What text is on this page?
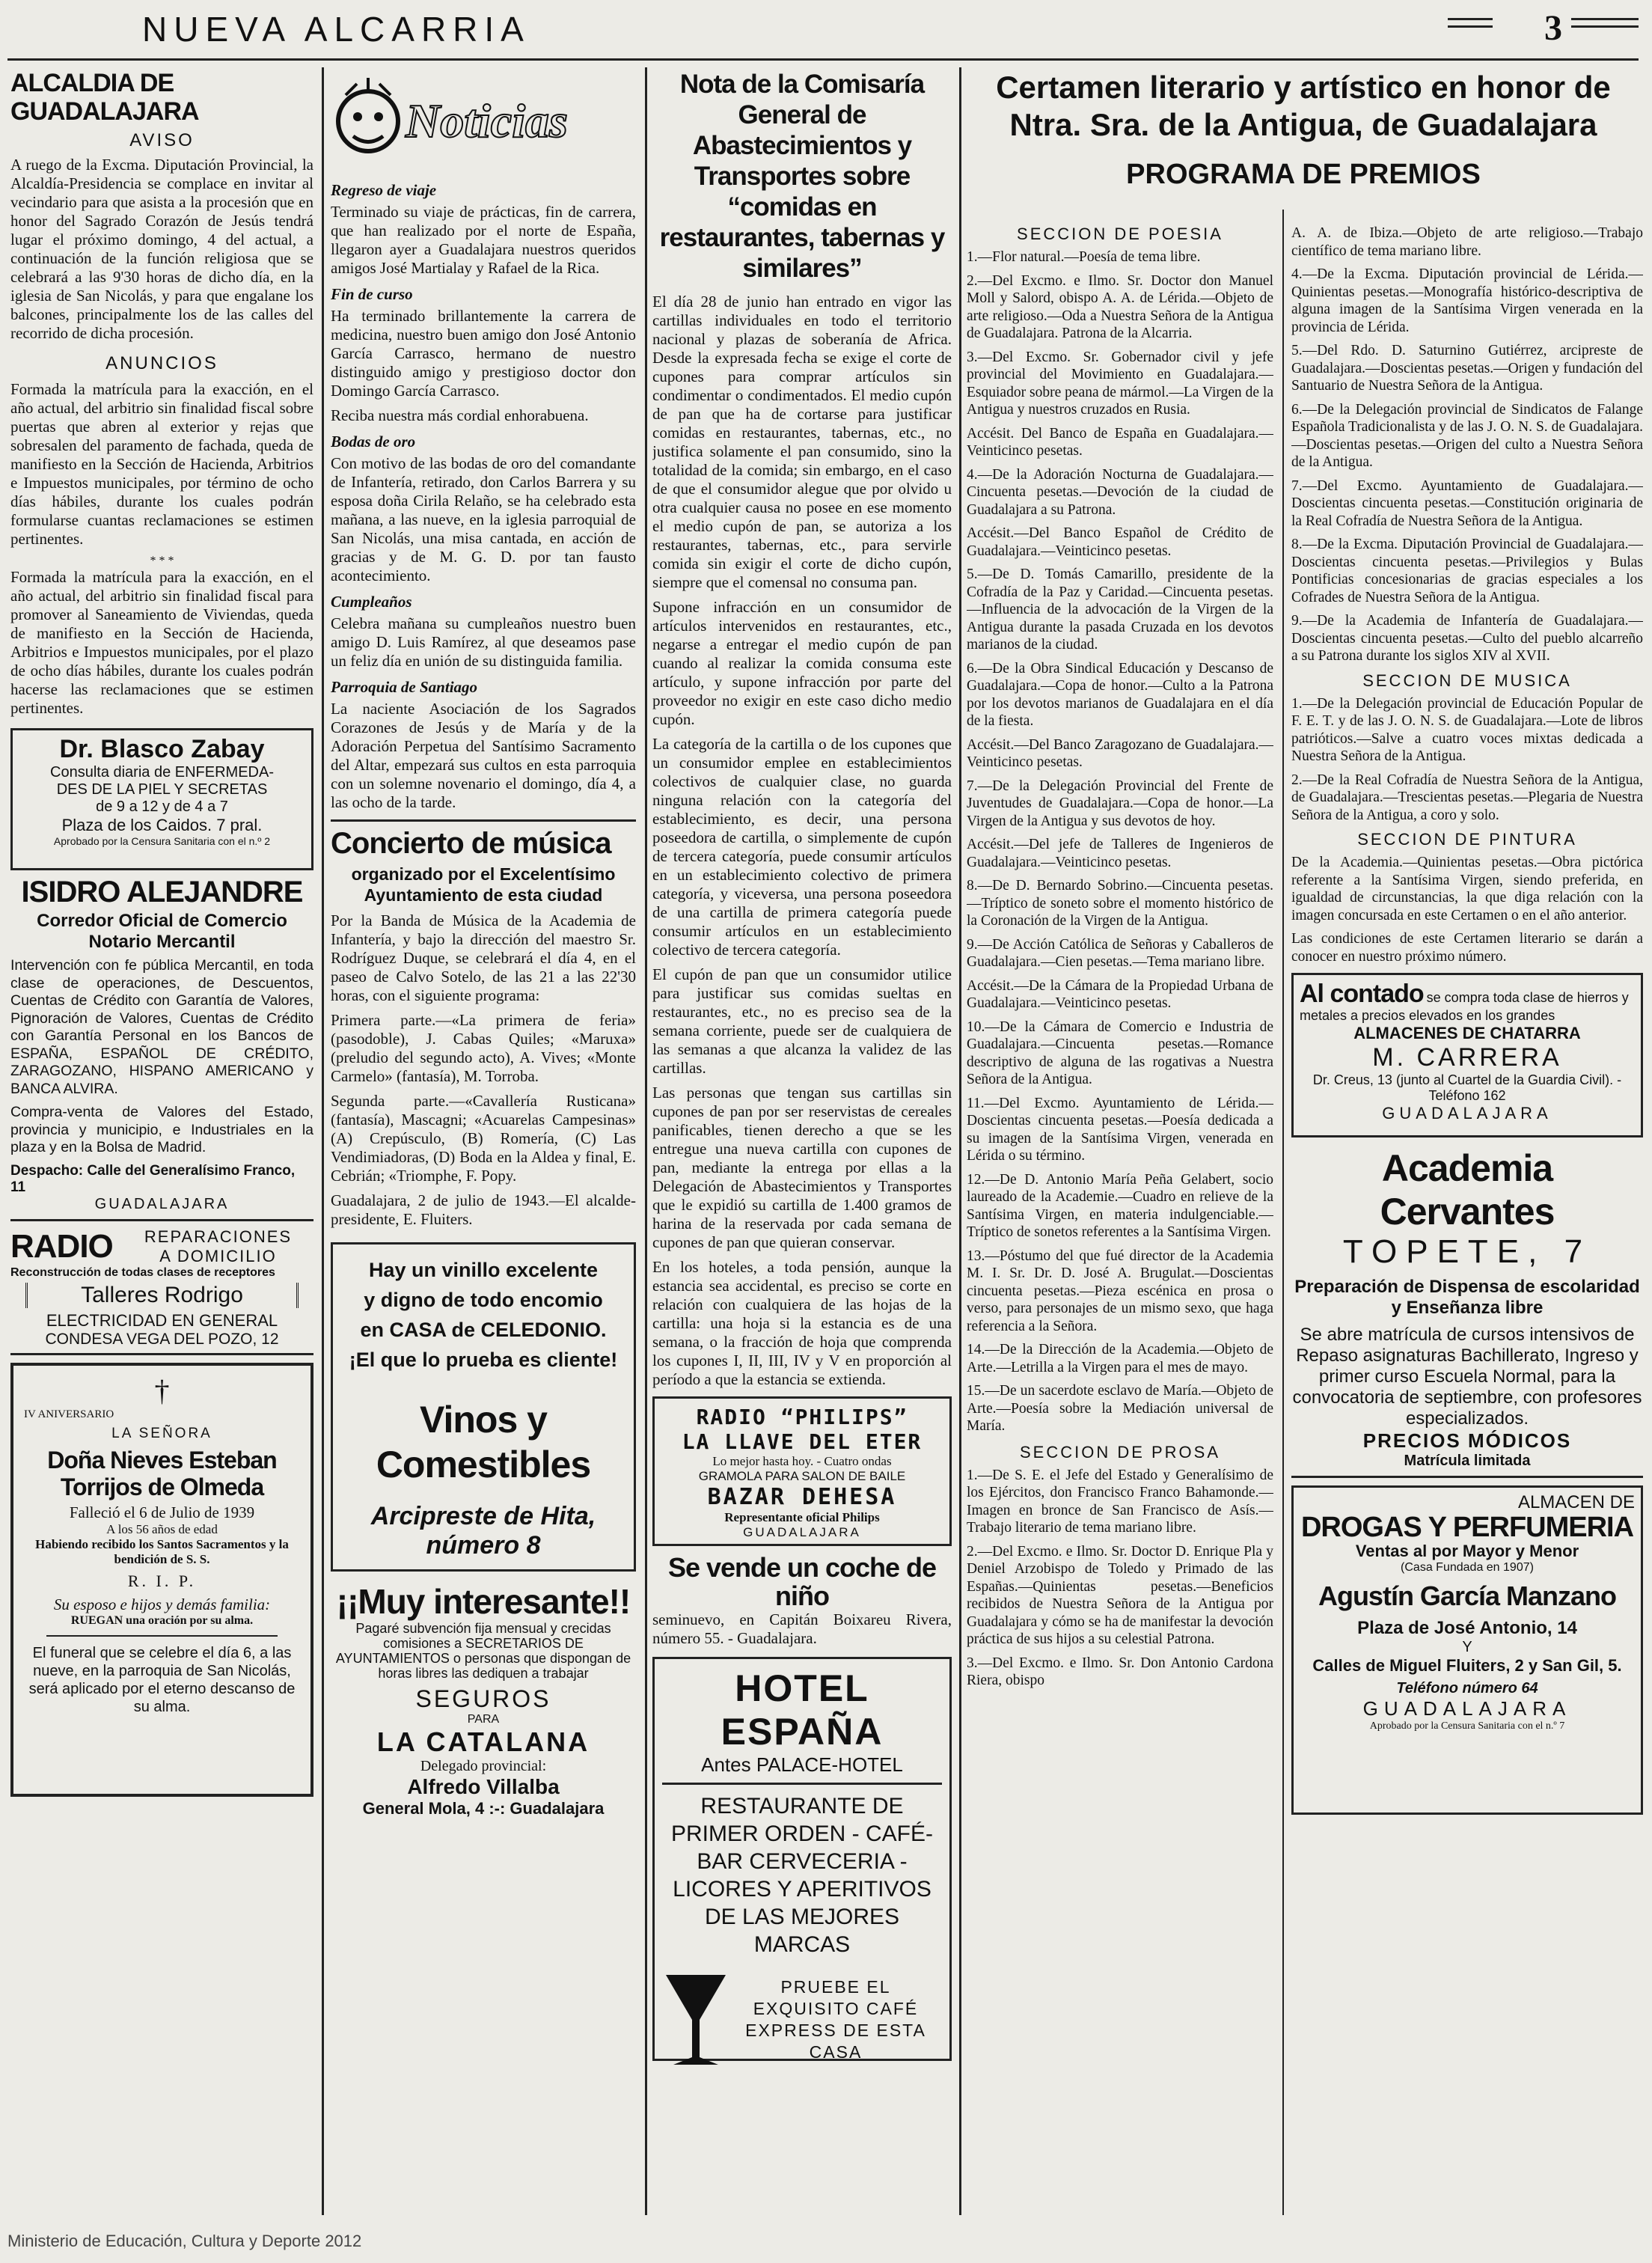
NUEVA ALCARRIA	3
ALCALDIA DE GUADALAJARA
AVISO

A ruego de la Excma. Diputación Provincial, la Alcaldía-Presidencia se complace en invitar al vecindario para que asista a la procesión que en honor del Sagrado Corazón de Jesús tendrá lugar el próximo domingo, 4 del actual, a continuación de la función religiosa que se celebrará a las 9'30 horas de dicho día, en la iglesia de San Nicolás, y para que engalane los balcones, principalmente los de las calles del recorrido de dicha procesión.

ANUNCIOS

Formada la matrícula para la exacción, en el año actual, del arbitrio sin finalidad fiscal sobre puertas que abren al exterior y rejas que sobresalen del paramento de fachada, queda de manifiesto en la Sección de Hacienda, Arbitrios e Impuestos municipales, por término de ocho días hábiles, durante los cuales podrán formularse cuantas reclamaciones se estimen pertinentes.

* * *

Formada la matrícula para la exacción, en el año actual, del arbitrio sin finalidad fiscal para promover al Saneamiento de Viviendas, queda de manifiesto en la Sección de Hacienda, Arbitrios e Impuestos municipales, por el plazo de ocho días hábiles, durante los cuales podrán hacerse las reclamaciones que se estimen pertinentes.

Dr. Blasco Zabay
Consulta diaria de ENFERMEDA-
DES DE LA PIEL Y SECRETAS
de 9 a 12 y de 4 a 7
Plaza de los Caidos. 7 pral.
Aprobado por la Censura Sanitaria con el n.º 2
ISIDRO ALEJANDRE
Corredor Oficial de Comercio
Notario Mercantil

Intervención con fe pública Mercantil, en toda clase de operaciones, de Descuentos, Cuentas de Crédito con Garantía de Valores, Pignoración de Valores, Cuentas de Crédito con Garantía Personal en los Bancos de ESPAÑA, ESPAÑOL DE CRÉDITO, ZARAGOZANO, HISPANO AMERICANO y BANCA ALVIRA.

Compra-venta de Valores del Estado, provincia y municipio, e Industriales en la plaza y en la Bolsa de Madrid.

Despacho: Calle del Generalísimo Franco, 11
GUADALAJARA
RADIO	REPARACIONES
A DOMICILIO
Reconstrucción de todas clases de receptores
Talleres Rodrigo
ELECTRICIDAD EN GENERAL
CONDESA VEGA DEL POZO, 12
†
IV ANIVERSARIO
LA SEÑORA
Doña Nieves Esteban
Torrijos de Olmeda
Falleció el 6 de Julio de 1939
A los 56 años de edad
Habiendo recibido los Santos Sacramentos y la bendición de S. S.
R. I. P.
Su esposo e hijos y demás familia:
RUEGAN una oración por su alma.
El funeral que se celebre el día 6, a las nueve, en la parroquia de San Nicolás, será aplicado por el eterno descanso de su alma.
Noticias
Regreso de viaje

Terminado su viaje de prácticas, fin de carrera, que han realizado por el norte de España, llegaron ayer a Guadalajara nuestros queridos amigos José Martialay y Rafael de la Rica.

Fin de curso

Ha terminado brillantemente la carrera de medicina, nuestro buen amigo don José Antonio García Carrasco, hermano de nuestro distinguido amigo y prestigioso doctor don Domingo García Carrasco.

Reciba nuestra más cordial enhorabuena.

Bodas de oro

Con motivo de las bodas de oro del comandante de Infantería, retirado, don Carlos Barrera y su esposa doña Cirila Relaño, se ha celebrado esta mañana, a las nueve, en la iglesia parroquial de San Nicolás, una misa cantada, en acción de gracias y de M. G. D. por tan fausto acontecimiento.

Cumpleaños

Celebra mañana su cumpleaños nuestro buen amigo D. Luis Ramírez, al que deseamos pase un feliz día en unión de su distinguida familia.

Parroquia de Santiago

La naciente Asociación de los Sagrados Corazones de Jesús y de María y de la Adoración Perpetua del Santísimo Sacramento del Altar, empezará sus cultos en esta parroquia con un solemne novenario el domingo, día 4, a las ocho de la tarde.

Concierto de música
organizado por el Excelentísimo Ayuntamiento de esta ciudad

Por la Banda de Música de la Academia de Infantería, y bajo la dirección del maestro Sr. Rodríguez Duque, se celebrará el día 4, en el paseo de Calvo Sotelo, de las 21 a las 22'30 horas, con el siguiente programa:

Primera parte.—«La primera de feria» (pasodoble), J. Cabas Quiles; «Maruxa» (preludio del segundo acto), A. Vives; «Monte Carmelo» (fantasía), M. Torroba.

Segunda parte.—«Cavallería Rusticana» (fantasía), Mascagni; «Acuarelas Campesinas» (A) Crepúsculo, (B) Romería, (C) Las Vendimiadoras, (D) Boda en la Aldea y final, E. Cebrián; «Triomphe, F. Popy.

Guadalajara, 2 de julio de 1943.—El alcalde-presidente, E. Fluiters.

Hay un vinillo excelente
y digno de todo encomio
en CASA de CELEDONIO.
¡El que lo prueba es cliente!
Vinos y Comestibles
Arcipreste de Hita, número 8
¡¡Muy interesante!!
Pagaré subvención fija mensual y crecidas comisiones a SECRETARIOS DE AYUNTAMIENTOS o personas que dispongan de horas libres las dediquen a trabajar
SEGUROS
PARA
LA CATALANA
Delegado provincial:
Alfredo Villalba
General Mola, 4 :-: Guadalajara
Nota de la Comisaría General de Abastecimientos y Transportes sobre “comidas en restaurantes, tabernas y similares”

El día 28 de junio han entrado en vigor las cartillas individuales en todo el territorio nacional y plazas de soberanía de Africa. Desde la expresada fecha se exige el corte de cupones para comprar artículos sin condimentar o condimentados. El medio cupón de pan que ha de cortarse para justificar comidas en restaurantes, tabernas, etc., no justifica solamente el pan consumido, sino la totalidad de la comida; sin embargo, en el caso de que el consumidor alegue que por olvido u otra cualquier causa no posee en ese momento el medio cupón de pan, se autoriza a los restaurantes, tabernas, etc., para servirle comida sin exigir el corte de dicho cupón, siempre que el comensal no consuma pan.

Supone infracción en un consumidor de artículos intervenidos en restaurantes, etc., negarse a entregar el medio cupón de pan cuando al realizar la comida consuma este artículo, y supone infracción por parte del proveedor no exigir en este caso dicho medio cupón.

La categoría de la cartilla o de los cupones que un consumidor emplee en establecimientos colectivos de cualquier clase, no guarda ninguna relación con la categoría del establecimiento, es decir, una persona poseedora de cartilla, o simplemente de cupón de tercera categoría, puede consumir artículos en un establecimiento colectivo de primera categoría, y viceversa, una persona poseedora de una cartilla de primera categoría puede consumir artículos en un establecimiento colectivo de tercera categoría.

El cupón de pan que un consumidor utilice para justificar sus comidas sueltas en restaurantes, etc., no es preciso sea de la semana corriente, puede ser de cualquiera de las semanas a que alcanza la validez de las cartillas.

Las personas que tengan sus cartillas sin cupones de pan por ser reservistas de cereales panificables, tienen derecho a que se les entregue una nueva cartilla con cupones de pan, mediante la entrega por ellas a la Delegación de Abastecimientos y Transportes que le expidió su cartilla de 1.400 gramos de harina de la reservada por cada semana de cupones de pan que quieran conservar.

En los hoteles, a toda pensión, aunque la estancia sea accidental, es preciso se corte en relación con cualquiera de las hojas de la cartilla: una hoja si la estancia es de una semana, o la fracción de hoja que comprenda los cupones I, II, III, IV y V en proporción al período a que la estancia se extienda.

RADIO “PHILIPS”
LA LLAVE DEL ETER
Lo mejor hasta hoy. - Cuatro ondas
GRAMOLA PARA SALON DE BAILE
BAZAR DEHESA
Representante oficial Philips
GUADALAJARA
Se vende un coche de niño

seminuevo, en Capitán Boixareu Rivera, número 55. - Guadalajara.

HOTEL ESPAÑA
Antes PALACE-HOTEL
RESTAURANTE DE PRIMER ORDEN - CAFÉ-BAR CERVECERIA - LICORES Y APERITIVOS DE LAS MEJORES MARCAS
PRUEBE EL EXQUISITO CAFÉ EXPRESS DE ESTA CASA
Certamen literario y artístico en honor de Ntra. Sra. de la Antigua, de Guadalajara
PROGRAMA DE PREMIOS
SECCION DE POESIA

1.—Flor natural.—Poesía de tema libre.

2.—Del Excmo. e Ilmo. Sr. Doctor don Manuel Moll y Salord, obispo A. A. de Lérida.—Objeto de arte religioso.—Oda a Nuestra Señora de la Antigua de Guadalajara. Patrona de la Alcarria.

3.—Del Excmo. Sr. Gobernador civil y jefe provincial del Movimiento en Guadalajara.—Esquiador sobre peana de mármol.—La Virgen de la Antigua y nuestros cruzados en Rusia.

Accésit. Del Banco de España en Guadalajara.—Veinticinco pesetas.

4.—De la Adoración Nocturna de Guadalajara.—Cincuenta pesetas.—Devoción de la ciudad de Guadalajara a su Patrona.

Accésit.—Del Banco Español de Crédito de Guadalajara.—Veinticinco pesetas.

5.—De D. Tomás Camarillo, presidente de la Cofradía de la Paz y Caridad.—Cincuenta pesetas.—Influencia de la advocación de la Virgen de la Antigua durante la pasada Cruzada en los devotos marianos de la ciudad.

6.—De la Obra Sindical Educación y Descanso de Guadalajara.—Copa de honor.—Culto a la Patrona por los devotos marianos de Guadalajara en el día de la fiesta.

Accésit.—Del Banco Zaragozano de Guadalajara.—Veinticinco pesetas.

7.—De la Delegación Provincial del Frente de Juventudes de Guadalajara.—Copa de honor.—La Virgen de la Antigua y sus devotos de hoy.

Accésit.—Del jefe de Talleres de Ingenieros de Guadalajara.—Veinticinco pesetas.

8.—De D. Bernardo Sobrino.—Cincuenta pesetas.—Tríptico de soneto sobre el momento histórico de la Coronación de la Virgen de la Antigua.

9.—De Acción Católica de Señoras y Caballeros de Guadalajara.—Cien pesetas.—Tema mariano libre.

Accésit.—De la Cámara de la Propiedad Urbana de Guadalajara.—Veinticinco pesetas.

10.—De la Cámara de Comercio e Industria de Guadalajara.—Cincuenta pesetas.—Romance descriptivo de alguna de las rogativas a Nuestra Señora de la Antigua.

11.—Del Excmo. Ayuntamiento de Lérida.—Doscientas cincuenta pesetas.—Poesía dedicada a su imagen de la Santísima Virgen, venerada en Lérida o su término.

12.—De D. Antonio María Peña Gelabert, socio laureado de la Academie.—Cuadro en relieve de la Santísima Virgen, en materia indulgenciable.—Tríptico de sonetos referentes a la Santísima Virgen.

13.—Póstumo del que fué director de la Academia M. I. Sr. Dr. D. José A. Brugulat.—Doscientas cincuenta pesetas.—Pieza escénica en prosa o verso, para personajes de un mismo sexo, que haga referencia a la Señora.

14.—De la Dirección de la Academia.—Objeto de Arte.—Letrilla a la Virgen para el mes de mayo.

15.—De un sacerdote esclavo de María.—Objeto de Arte.—Poesía sobre la Mediación universal de María.

SECCION DE PROSA

1.—De S. E. el Jefe del Estado y Generalísimo de los Ejércitos, don Francisco Franco Bahamonde.—Imagen en bronce de San Francisco de Asís.—Trabajo literario de tema mariano libre.

2.—Del Excmo. e Ilmo. Sr. Doctor D. Enrique Pla y Deniel Arzobispo de Toledo y Primado de las Españas.—Quinientas pesetas.—Beneficios recibidos de Nuestra Señora de la Antigua por Guadalajara y cómo se ha de manifestar la devoción práctica de sus hijos a su celestial Patrona.

3.—Del Excmo. e Ilmo. Sr. Don Antonio Cardona Riera, obispo

A. A. de Ibiza.—Objeto de arte religioso.—Trabajo científico de tema mariano libre.

4.—De la Excma. Diputación provincial de Lérida.—Quinientas pesetas.—Monografía histórico-descriptiva de alguna imagen de la Santísima Virgen venerada en la provincia de Lérida.

5.—Del Rdo. D. Saturnino Gutiérrez, arcipreste de Guadalajara.—Doscientas pesetas.—Origen y fundación del Santuario de Nuestra Señora de la Antigua.

6.—De la Delegación provincial de Sindicatos de Falange Española Tradicionalista y de las J. O. N. S. de Guadalajara.—Doscientas pesetas.—Origen del culto a Nuestra Señora de la Antigua.

7.—Del Excmo. Ayuntamiento de Guadalajara.—Doscientas cincuenta pesetas.—Constitución originaria de la Real Cofradía de Nuestra Señora de la Antigua.

8.—De la Excma. Diputación Provincial de Guadalajara.—Doscientas cincuenta pesetas.—Privilegios y Bulas Pontificias concesionarias de gracias especiales a los Cofrades de Nuestra Señora de la Antigua.

9.—De la Academia de Infantería de Guadalajara.—Doscientas cincuenta pesetas.—Culto del pueblo alcarreño a su Patrona durante los siglos XIV al XVII.

SECCION DE MUSICA

1.—De la Delegación provincial de Educación Popular de F. E. T. y de las J. O. N. S. de Guadalajara.—Lote de libros patrióticos.—Salve a cuatro voces mixtas dedicada a Nuestra Señora de la Antigua.

2.—De la Real Cofradía de Nuestra Señora de la Antigua, de Guadalajara.—Trescientas pesetas.—Plegaria de Nuestra Señora de la Antigua, a coro y solo.

SECCION DE PINTURA

De la Academia.—Quinientas pesetas.—Obra pictórica referente a la Santísima Virgen, siendo preferida, en igualdad de circunstancias, la que diga relación con la imagen concursada en este Certamen o en el año anterior.

Las condiciones de este Certamen literario se darán a conocer en nuestro próximo número.

Al contado se compra toda clase de hierros y metales a precios elevados en los grandes
ALMACENES DE CHATARRA
M. CARRERA
Dr. Creus, 13 (junto al Cuartel de la Guardia Civil). - Teléfono 162
GUADALAJARA
Academia Cervantes
TOPETE, 7
Preparación de Dispensa de escolaridad y Enseñanza libre
Se abre matrícula de cursos intensivos de Repaso asignaturas Bachillerato, Ingreso y primer curso Escuela Normal, para la convocatoria de septiembre, con profesores especializados.
PRECIOS MÓDICOS
Matrícula limitada
ALMACEN DE
DROGAS Y PERFUMERIA
Ventas al por Mayor y Menor
(Casa Fundada en 1907)
Agustín García Manzano
Plaza de José Antonio, 14
Y
Calles de Miguel Fluiters, 2 y San Gil, 5.
Teléfono número 64
GUADALAJARA
Aprobado por la Censura Sanitaria con el n.º 7
Ministerio de Educación, Cultura y Deporte 2012
